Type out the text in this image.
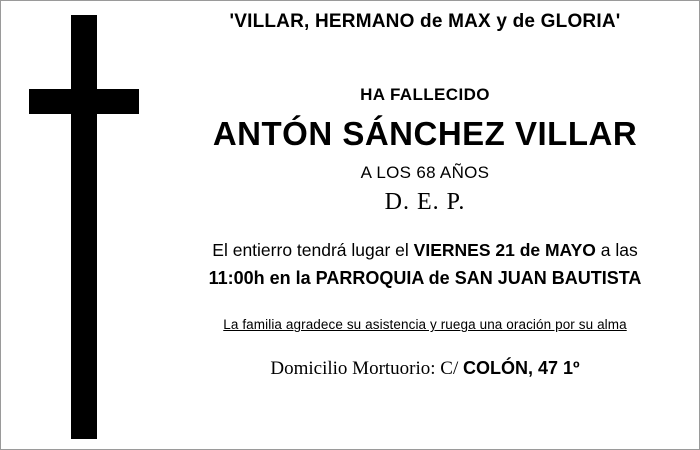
'VILLAR, HERMANO de MAX y de GLORIA'
HA FALLECIDO
ANTÓN SÁNCHEZ VILLAR
A LOS 68 AÑOS
D. E. P.
El entierro tendrá lugar el VIERNES 21 de MAYO a las
11:00h en la PARROQUIA de SAN JUAN BAUTISTA
La familia agradece su asistencia y ruega una oración por su alma
Domicilio Mortuorio: C/ COLÓN, 47 1º
